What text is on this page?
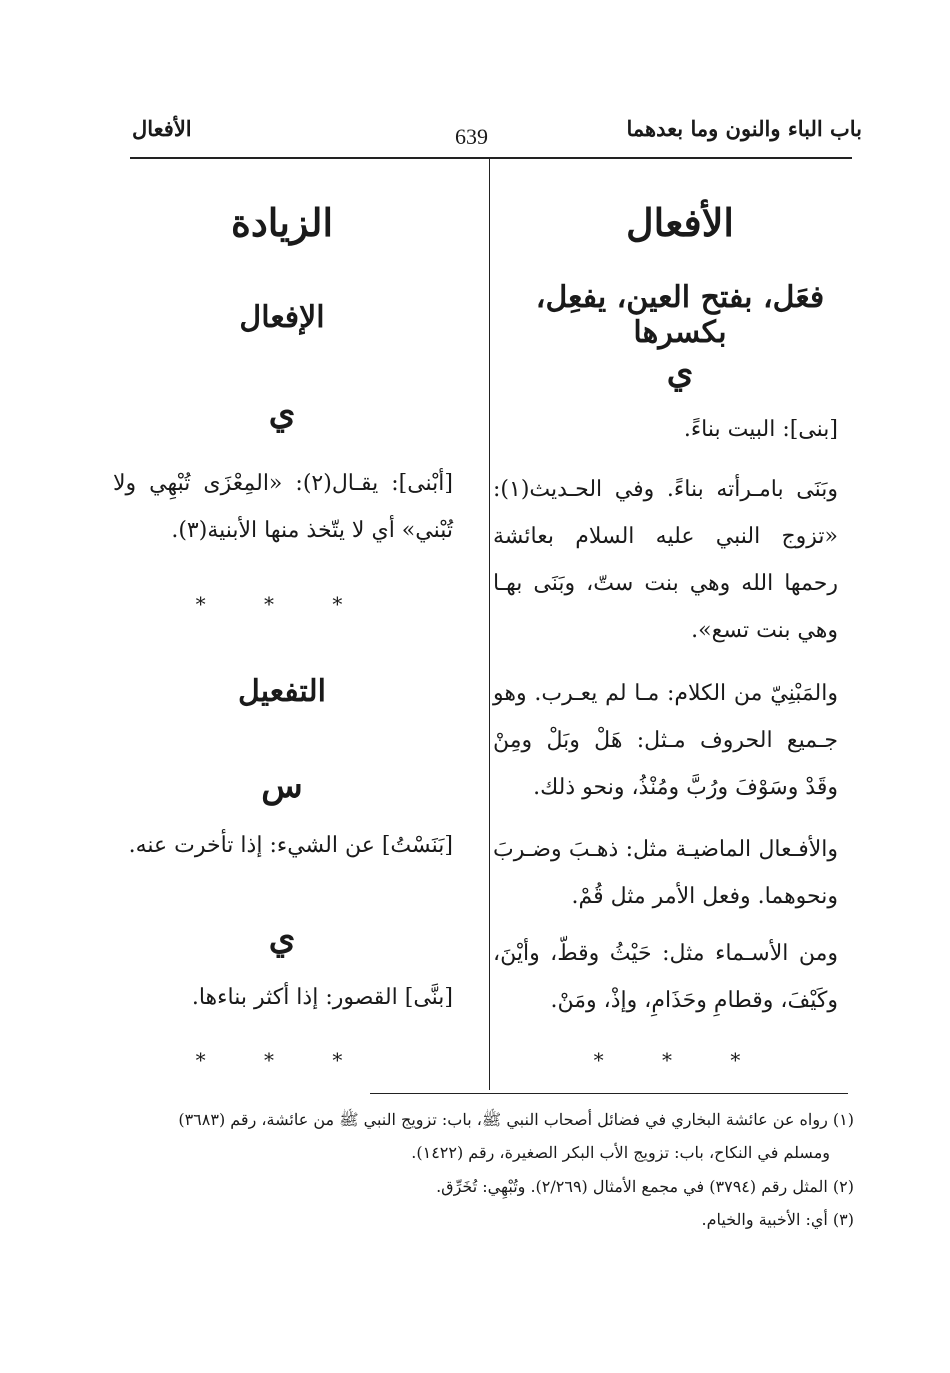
باب الباء والنون وما بعدهما
639
الأفعال
الأفعال
فعَل، بفتح العين، يفعِل، بكسرها
ي
[بنى]: البيت بناءً.
وبَنَى بامـرأته بناءً. وفي الحـديث(١): «تزوج النبي عليه السلام بعائشة رحمها الله وهي بنت ستّ، وبَنَى بهـا وهي بنت تسع».
والمَبْنِيّ من الكلام: مـا لم يعـرب. وهو جـميع الحروف مـثل: هَلْ وبَلْ ومِنْ وقَدْ وسَوْفَ ورُبَّ ومُنْذُ، ونحو ذلك.
والأفـعال الماضيـة مثل: ذهـبَ وضـربَ ونحوهما. وفعل الأمر مثل قُمْ.
ومن الأسـماء مثل: حَيْثُ وقطّ، وأيْنَ، وكَيْفَ، وقطامِ وحَذَامِ، وإذْ، ومَنْ.
* * *
الزيادة
الإفعال
ي
[أبْنى]: يقـال(٢): «المِعْزَى تُبْهِي ولا تُبْني» أي لا يتّخذ منها الأبنية(٣).
* * *
التفعيل
س
[بَنَسْتُ] عن الشيء: إذا تأخرت عنه.
ي
[بنَّى] القصور: إذا أكثر بناءها.
* * *
(١) رواه عن عائشة البخاري في فضائل أصحاب النبي ﷺ، باب: تزويج النبي ﷺ من عائشة، رقم (٣٦٨٣)
ومسلم في النكاح، باب: تزويج الأب البكر الصغيرة، رقم (١٤٢٢).
(٢) المثل رقم (٣٧٩٤) في مجمع الأمثال (٢/٢٦٩). وتُبْهِي: تُخَرِّق.
(٣) أي: الأخبية والخيام.
